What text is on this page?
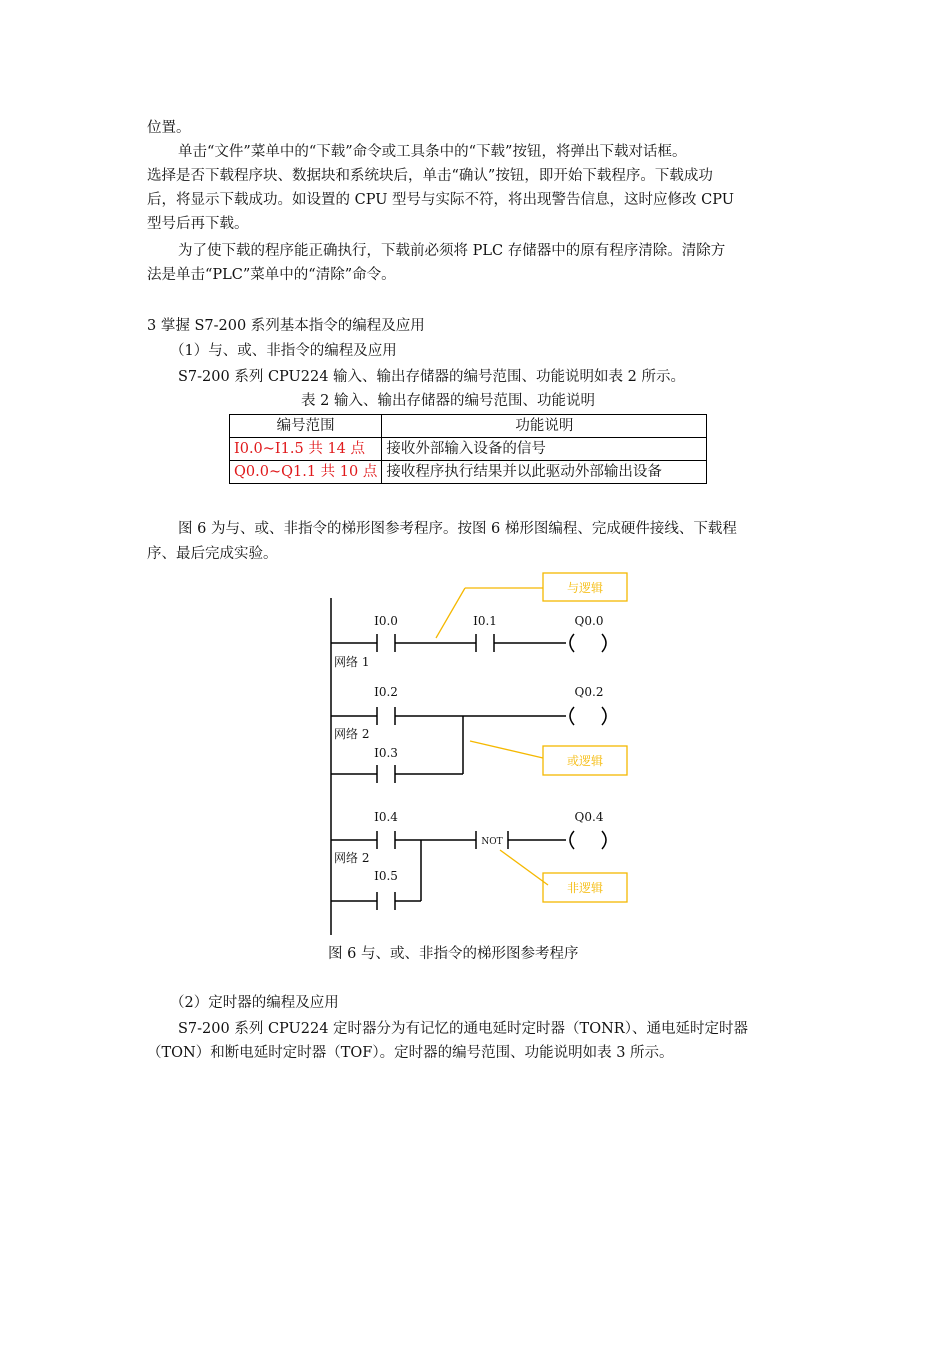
位置。
单击“文件”菜单中的“下载”命令或工具条中的“下载”按钮，将弹出下载对话框。
选择是否下载程序块、数据块和系统块后，单击“确认”按钮，即开始下载程序。下载成功
后，将显示下载成功。如设置的 CPU 型号与实际不符，将出现警告信息，这时应修改 CPU
型号后再下载。
为了使下载的程序能正确执行，下载前必须将 PLC 存储器中的原有程序清除。清除方
法是单击“PLC”菜单中的“清除”命令。
3 掌握 S7-200 系列基本指令的编程及应用
（1）与、或、非指令的编程及应用
S7-200 系列 CPU224 输入、输出存储器的编号范围、功能说明如表 2 所示。
表 2 输入、输出存储器的编号范围、功能说明
编号范围	功能说明
I0.0~I1.5 共 14 点	接收外部输入设备的信号
Q0.0~Q1.1 共 10 点	接收程序执行结果并以此驱动外部输出设备
图 6 为与、或、非指令的梯形图参考程序。按图 6 梯形图编程、完成硬件接线、下载程
序、最后完成实验。
I0.0	I0.1	Q0.0
I0.2	Q0.2
I0.3
I0.4	Q0.4
I0.5
NOT
网络 1
网络 2
网络 2
与逻辑
或逻辑
非逻辑
图 6 与、或、非指令的梯形图参考程序
（2）定时器的编程及应用
S7-200 系列 CPU224 定时器分为有记忆的通电延时定时器（TONR）、通电延时定时器
（TON）和断电延时定时器（TOF）。定时器的编号范围、功能说明如表 3 所示。
